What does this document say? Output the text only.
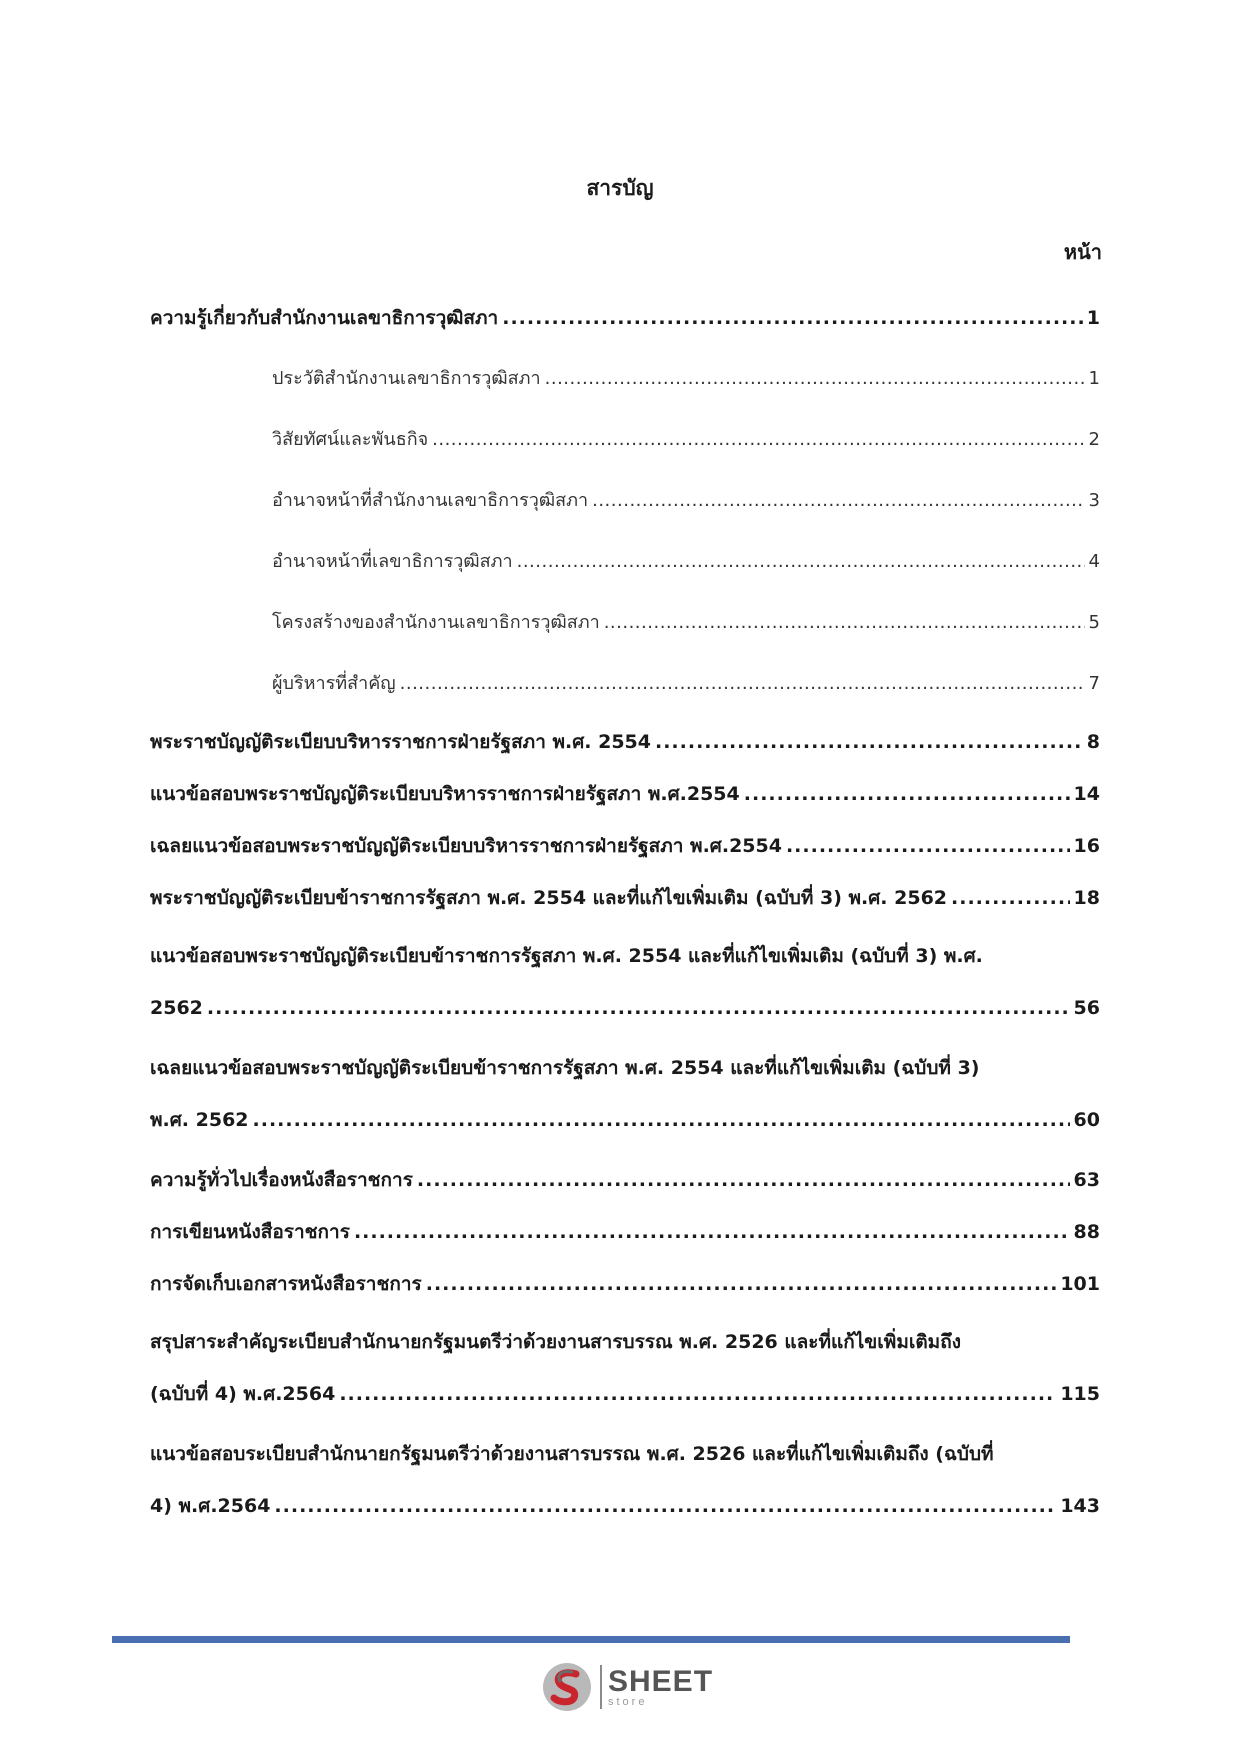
สารบัญ
หน้า
ความรู้เกี่ยวกับสำนักงานเลขาธิการวุฒิสภา .....	1
ประวัติสำนักงานเลขาธิการวุฒิสภา .....	1
วิสัยทัศน์และพันธกิจ .....	2
อำนาจหน้าที่สำนักงานเลขาธิการวุฒิสภา .....	3
อำนาจหน้าที่เลขาธิการวุฒิสภา .....	4
โครงสร้างของสำนักงานเลขาธิการวุฒิสภา .....	5
ผู้บริหารที่สำคัญ .....	7
พระราชบัญญัติระเบียบบริหารราชการฝ่ายรัฐสภา พ.ศ. 2554 .....	8
แนวข้อสอบพระราชบัญญัติระเบียบบริหารราชการฝ่ายรัฐสภา พ.ศ.2554 .....	14
เฉลยแนวข้อสอบพระราชบัญญัติระเบียบบริหารราชการฝ่ายรัฐสภา พ.ศ.2554 .....	16
พระราชบัญญัติระเบียบข้าราชการรัฐสภา พ.ศ. 2554 และที่แก้ไขเพิ่มเติม (ฉบับที่ 3) พ.ศ. 2562 .....	18
แนวข้อสอบพระราชบัญญัติระเบียบข้าราชการรัฐสภา พ.ศ. 2554 และที่แก้ไขเพิ่มเติม (ฉบับที่ 3) พ.ศ.
2562 .....	56
เฉลยแนวข้อสอบพระราชบัญญัติระเบียบข้าราชการรัฐสภา พ.ศ. 2554 และที่แก้ไขเพิ่มเติม (ฉบับที่ 3)
พ.ศ. 2562 .....	60
ความรู้ทั่วไปเรื่องหนังสือราชการ .....	63
การเขียนหนังสือราชการ .....	88
การจัดเก็บเอกสารหนังสือราชการ .....	101
สรุปสาระสำคัญระเบียบสำนักนายกรัฐมนตรีว่าด้วยงานสารบรรณ พ.ศ. 2526 และที่แก้ไขเพิ่มเติมถึง
(ฉบับที่ 4) พ.ศ.2564 .....	115
แนวข้อสอบระเบียบสำนักนายกรัฐมนตรีว่าด้วยงานสารบรรณ พ.ศ. 2526 และที่แก้ไขเพิ่มเติมถึง (ฉบับที่
4) พ.ศ.2564 .....	143
SHEET
store
